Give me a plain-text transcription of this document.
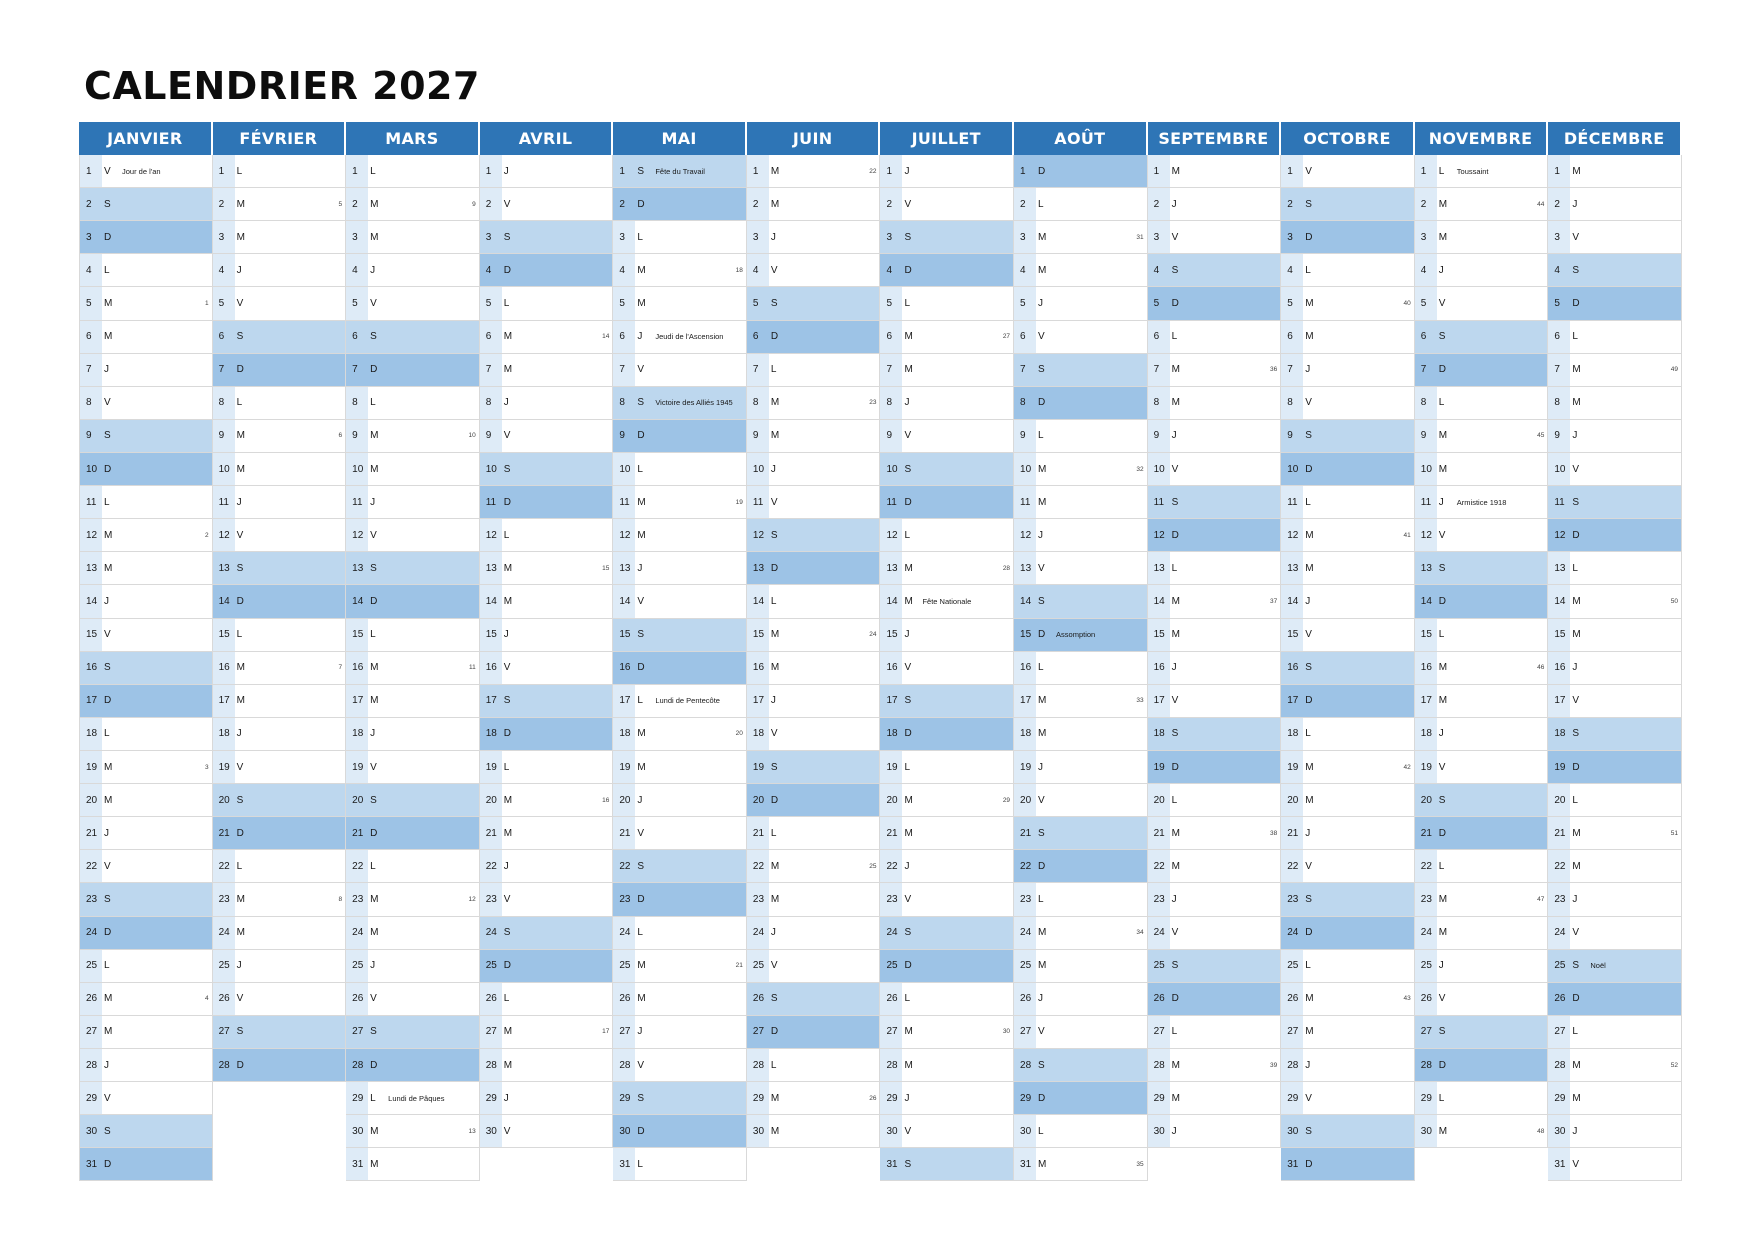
CALENDRIER 2027
JANVIER
1	V	Jour de l'an
2	S
3	D
4	L
5	M	1
6	M
7	J
8	V
9	S
10 D
11 L
12 M	2
13 M
14 J
15 V
16 S
17 D
18 L
19 M	3
20 M
21 J
22 V
23 S
24 D
25 L
26 M	4
27 M
28 J
29 V
30 S
31 D
FÉVRIER
1	L
2	M	5
3	M
4	J
5	V
6	S
7	D
8	L
9	M	6
10 M
11 J
12 V
13 S
14 D
15 L
16 M	7
17 M
18 J
19 V
20 S
21 D
22 L
23 M	8
24 M
25 J
26 V
27 S
28 D
MARS
1	L
2	M	9
3	M
4	J
5	V
6	S
7	D
8	L
9	M	10
10 M
11 J
12 V
13 S
14 D
15 L
16 M	11
17 M
18 J
19 V
20 S
21 D
22 L
23 M	12
24 M
25 J
26 V
27 S
28 D
29 L	Lundi de Pâques
30 M	13
31 M
AVRIL
1	J
2	V
3	S
4	D
5	L
6	M	14
7	M
8	J
9	V
10 S
11 D
12 L
13 M	15
14 M
15 J
16 V
17 S
18 D
19 L
20 M	16
21 M
22 J
23 V
24 S
25 D
26 L
27 M	17
28 M
29 J
30 V
MAI
1	S	Fête du Travail
2	D
3	L
4	M	18
5	M
6	J	Jeudi de l'Ascension
7	V
8	S	Victoire des Alliés 1945
9	D
10 L
11 M	19
12 M
13 J
14 V
15 S
16 D
17 L	Lundi de Pentecôte
18 M	20
19 M
20 J
21 V
22 S
23 D
24 L
25 M	21
26 M
27 J
28 V
29 S
30 D
31 L
JUIN
1	M	22
2	M
3	J
4	V
5	S
6	D
7	L
8	M	23
9	M
10 J
11 V
12 S
13 D
14 L
15 M	24
16 M
17 J
18 V
19 S
20 D
21 L
22 M	25
23 M
24 J
25 V
26 S
27 D
28 L
29 M	26
30 M
JUILLET
1	J
2	V
3	S
4	D
5	L
6	M	27
7	M
8	J
9	V
10 S
11 D
12 L
13 M	28
14 M	Fête Nationale
15 J
16 V
17 S
18 D
19 L
20 M	29
21 M
22 J
23 V
24 S
25 D
26 L
27 M	30
28 M
29 J
30 V
31 S
AOÛT
1	D
2	L
3	M	31
4	M
5	J
6	V
7	S
8	D
9	L
10 M	32
11 M
12 J
13 V
14 S
15 D	Assomption
16 L
17 M	33
18 M
19 J
20 V
21 S
22 D
23 L
24 M	34
25 M
26 J
27 V
28 S
29 D
30 L
31 M	35
SEPTEMBRE
1	M
2	J
3	V
4	S
5	D
6	L
7	M	36
8	M
9	J
10 V
11 S
12 D
13 L
14 M	37
15 M
16 J
17 V
18 S
19 D
20 L
21 M	38
22 M
23 J
24 V
25 S
26 D
27 L
28 M	39
29 M
30 J
OCTOBRE
1	V
2	S
3	D
4	L
5	M	40
6	M
7	J
8	V
9	S
10 D
11 L
12 M	41
13 M
14 J
15 V
16 S
17 D
18 L
19 M	42
20 M
21 J
22 V
23 S
24 D
25 L
26 M	43
27 M
28 J
29 V
30 S
31 D
NOVEMBRE
1	L	Toussaint
2	M	44
3	M
4	J
5	V
6	S
7	D
8	L
9	M	45
10 M
11 J	Armistice 1918
12 V
13 S
14 D
15 L
16 M	46
17 M
18 J
19 V
20 S
21 D
22 L
23 M	47
24 M
25 J
26 V
27 S
28 D
29 L
30 M	48
DÉCEMBRE
1	M
2	J
3	V
4	S
5	D
6	L
7	M	49
8	M
9	J
10 V
11 S
12 D
13 L
14 M	50
15 M
16 J
17 V
18 S
19 D
20 L
21 M	51
22 M
23 J
24 V
25 S	Noël
26 D
27 L
28 M	52
29 M
30 J
31 V
